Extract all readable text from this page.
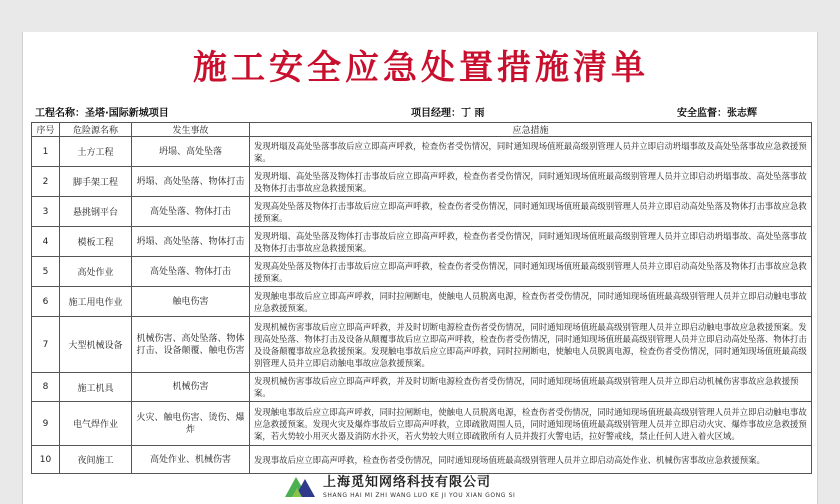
施工安全应急处置措施清单
工程名称：圣塔·国际新城项目	项目经理：丁 雨	安全监督：张志辉
序号	危险源名称	发生事故	应急措施
1	土方工程	坍塌、高处坠落	发现坍塌及高处坠落事故后应立即高声呼救，检查伤者受伤情况，同时通知现场值班最高级别管理人员并立即启动坍塌事故及高处坠落事故应急救援预案。
2	脚手架工程	坍塌、高处坠落、物体打击	发现坍塌、高处坠落及物体打击事故后应立即高声呼救，检查伤者受伤情况，同时通知现场值班最高级别管理人员并立即启动坍塌事故、高处坠落事故及物体打击事故应急救援预案。
3	悬挑钢平台	高处坠落、物体打击	发现高处坠落及物体打击事故后应立即高声呼救，检查伤者受伤情况，同时通知现场值班最高级别管理人员并立即启动高处坠落及物体打击事故应急救援预案。
4	模板工程	坍塌、高处坠落、物体打击	发现坍塌、高处坠落及物体打击事故后应立即高声呼救，检查伤者受伤情况，同时通知现场值班最高级别管理人员并立即启动坍塌事故、高处坠落事故及物体打击事故应急救援预案。
5	高处作业	高处坠落、物体打击	发现高处坠落及物体打击事故后应立即高声呼救，检查伤者受伤情况，同时通知现场值班最高级别管理人员并立即启动高处坠落及物体打击事故应急救援预案。
6	施工用电作业	触电伤害	发现触电事故后应立即高声呼救，同时拉闸断电，使触电人员脱离电源，检查伤者受伤情况，同时通知现场值班最高级别管理人员并立即启动触电事故应急救援预案。
7	大型机械设备	机械伤害、高处坠落、物体打击、设备颠覆、触电伤害	发现机械伤害事故后应立即高声呼救，并及时切断电源检查伤者受伤情况，同时通知现场值班最高级别管理人员并立即启动触电事故应急救援预案。发现高处坠落、物体打击及设备从颠覆事故后应立即高声呼救，检查伤者受伤情况，同时通知现场值班最高级别管理人员并立即启动高处坠落、物体打击及设备颠覆事故应急救援预案。发现触电事故后应立即高声呼救，同时拉闸断电，使触电人员脱离电源，检查伤者受伤情况，同时通知现场值班最高级别管理人员并立即启动触电事故应急救援预案。
8	施工机具	机械伤害	发现机械伤害事故后应立即高声呼救，并及时切断电源检查伤者受伤情况，同时通知现场值班最高级别管理人员并立即启动机械伤害事故应急救援预案。
9	电气焊作业	火灾、触电伤害、烫伤、爆炸	发现触电事故后应立即高声呼救，同时拉闸断电，使触电人员脱离电源，检查伤者受伤情况，同时通知现场值班最高级别管理人员并立即启动触电事故应急救援预案。发现火灾及爆炸事故后立即高声呼救，立即疏散周围人员，同时通知现场值班最高级别管理人员并立即启动火灾、爆炸事故应急救援预案，若火势较小用灭火器及消防水扑灭，若火势较大则立即疏散所有人员并拨打火警电话，拉好警戒线，禁止任何人进入着火区域。
10	夜间施工	高处作业、机械伤害	发现事故后应立即高声呼救，检查伤者受伤情况，同时通知现场值班最高级别管理人员并立即启动高处作业、机械伤害事故应急救援预案。
上海觅知网络科技有限公司
SHANG HAI MI ZHI WANG LUO KE JI YOU XIAN GONG SI
